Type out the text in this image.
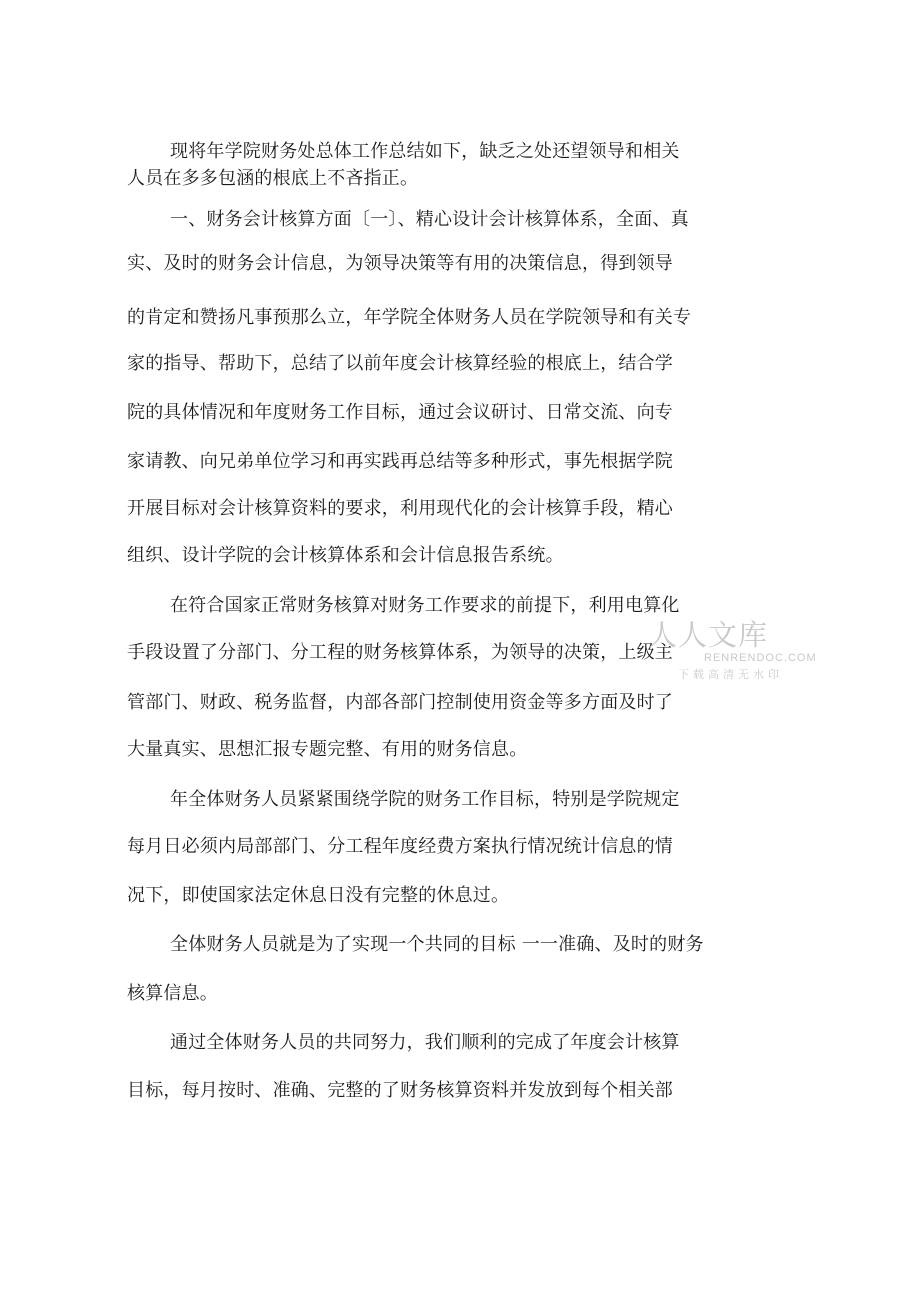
现将年学院财务处总体工作总结如下，缺乏之处还望领导和相关
人员在多多包涵的根底上不吝指正。
一、财务会计核算方面〔一〕、精心设计会计核算体系，全面、真
实、及时的财务会计信息，为领导决策等有用的决策信息，得到领导
的肯定和赞扬凡事预那么立，年学院全体财务人员在学院领导和有关专
家的指导、帮助下，总结了以前年度会计核算经验的根底上，结合学
院的具体情况和年度财务工作目标，通过会议研讨、日常交流、向专
家请教、向兄弟单位学习和再实践再总结等多种形式，事先根据学院
开展目标对会计核算资料的要求，利用现代化的会计核算手段，精心
组织、设计学院的会计核算体系和会计信息报告系统。
在符合国家正常财务核算对财务工作要求的前提下，利用电算化
手段设置了分部门、分工程的财务核算体系，为领导的决策，上级主
管部门、财政、税务监督，内部各部门控制使用资金等多方面及时了
大量真实、思想汇报专题完整、有用的财务信息。
年全体财务人员紧紧围绕学院的财务工作目标，特别是学院规定
每月日必须内局部部门、分工程年度经费方案执行情况统计信息的情
况下，即使国家法定休息日没有完整的休息过。
全体财务人员就是为了实现一个共同的目标 一一准确、及时的财务
核算信息。
通过全体财务人员的共同努力，我们顺利的完成了年度会计核算
目标，每月按时、准确、完整的了财务核算资料并发放到每个相关部
人人文库
RENRENDOC.COM
下载高清无水印
